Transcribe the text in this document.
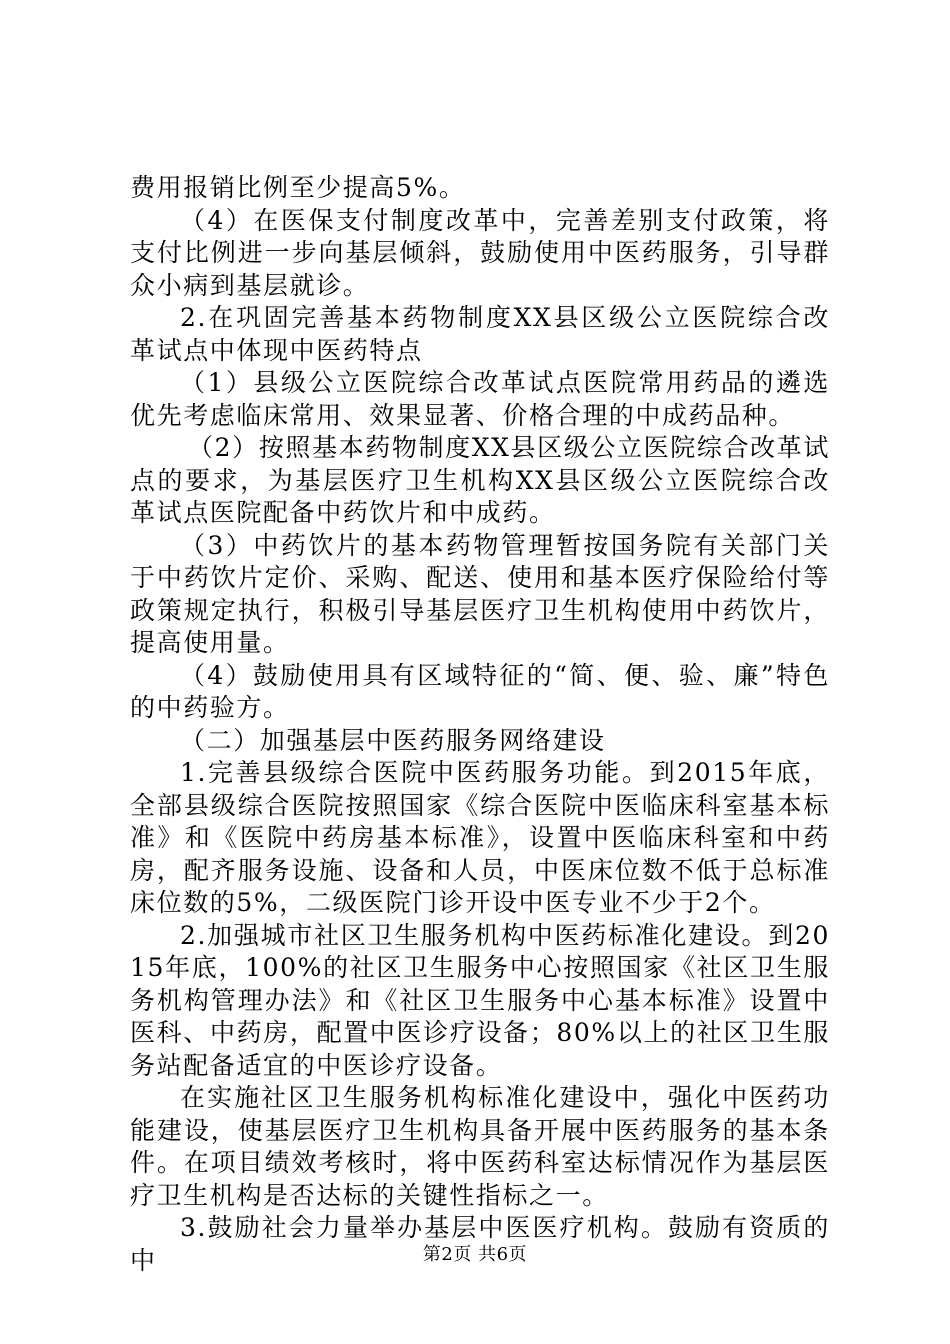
费用报销比例至少提高5%。

（4）在医保支付制度改革中，完善差别支付政策，将支付比例进一步向基层倾斜，鼓励使用中医药服务，引导群众小病到基层就诊。

2.在巩固完善基本药物制度XX县区级公立医院综合改革试点中体现中医药特点

（1）县级公立医院综合改革试点医院常用药品的遴选优先考虑临床常用、效果显著、价格合理的中成药品种。

（2）按照基本药物制度XX县区级公立医院综合改革试点的要求，为基层医疗卫生机构XX县区级公立医院综合改革试点医院配备中药饮片和中成药。

（3）中药饮片的基本药物管理暂按国务院有关部门关于中药饮片定价、采购、配送、使用和基本医疗保险给付等政策规定执行，积极引导基层医疗卫生机构使用中药饮片，提高使用量。

（4）鼓励使用具有区域特征的“简、便、验、廉”特色的中药验方。

（二）加强基层中医药服务网络建设

1.完善县级综合医院中医药服务功能。到2015年底，全部县级综合医院按照国家《综合医院中医临床科室基本标准》和《医院中药房基本标准》，设置中医临床科室和中药房，配齐服务设施、设备和人员，中医床位数不低于总标准床位数的5%，二级医院门诊开设中医专业不少于2个。

2.加强城市社区卫生服务机构中医药标准化建设。到2015年底，100%的社区卫生服务中心按照国家《社区卫生服务机构管理办法》和《社区卫生服务中心基本标准》设置中医科、中药房，配置中医诊疗设备；80%以上的社区卫生服务站配备适宜的中医诊疗设备。

在实施社区卫生服务机构标准化建设中，强化中医药功能建设，使基层医疗卫生机构具备开展中医药服务的基本条件。在项目绩效考核时，将中医药科室达标情况作为基层医疗卫生机构是否达标的关键性指标之一。

3.鼓励社会力量举办基层中医医疗机构。鼓励有资质的中	第2页 共6页
